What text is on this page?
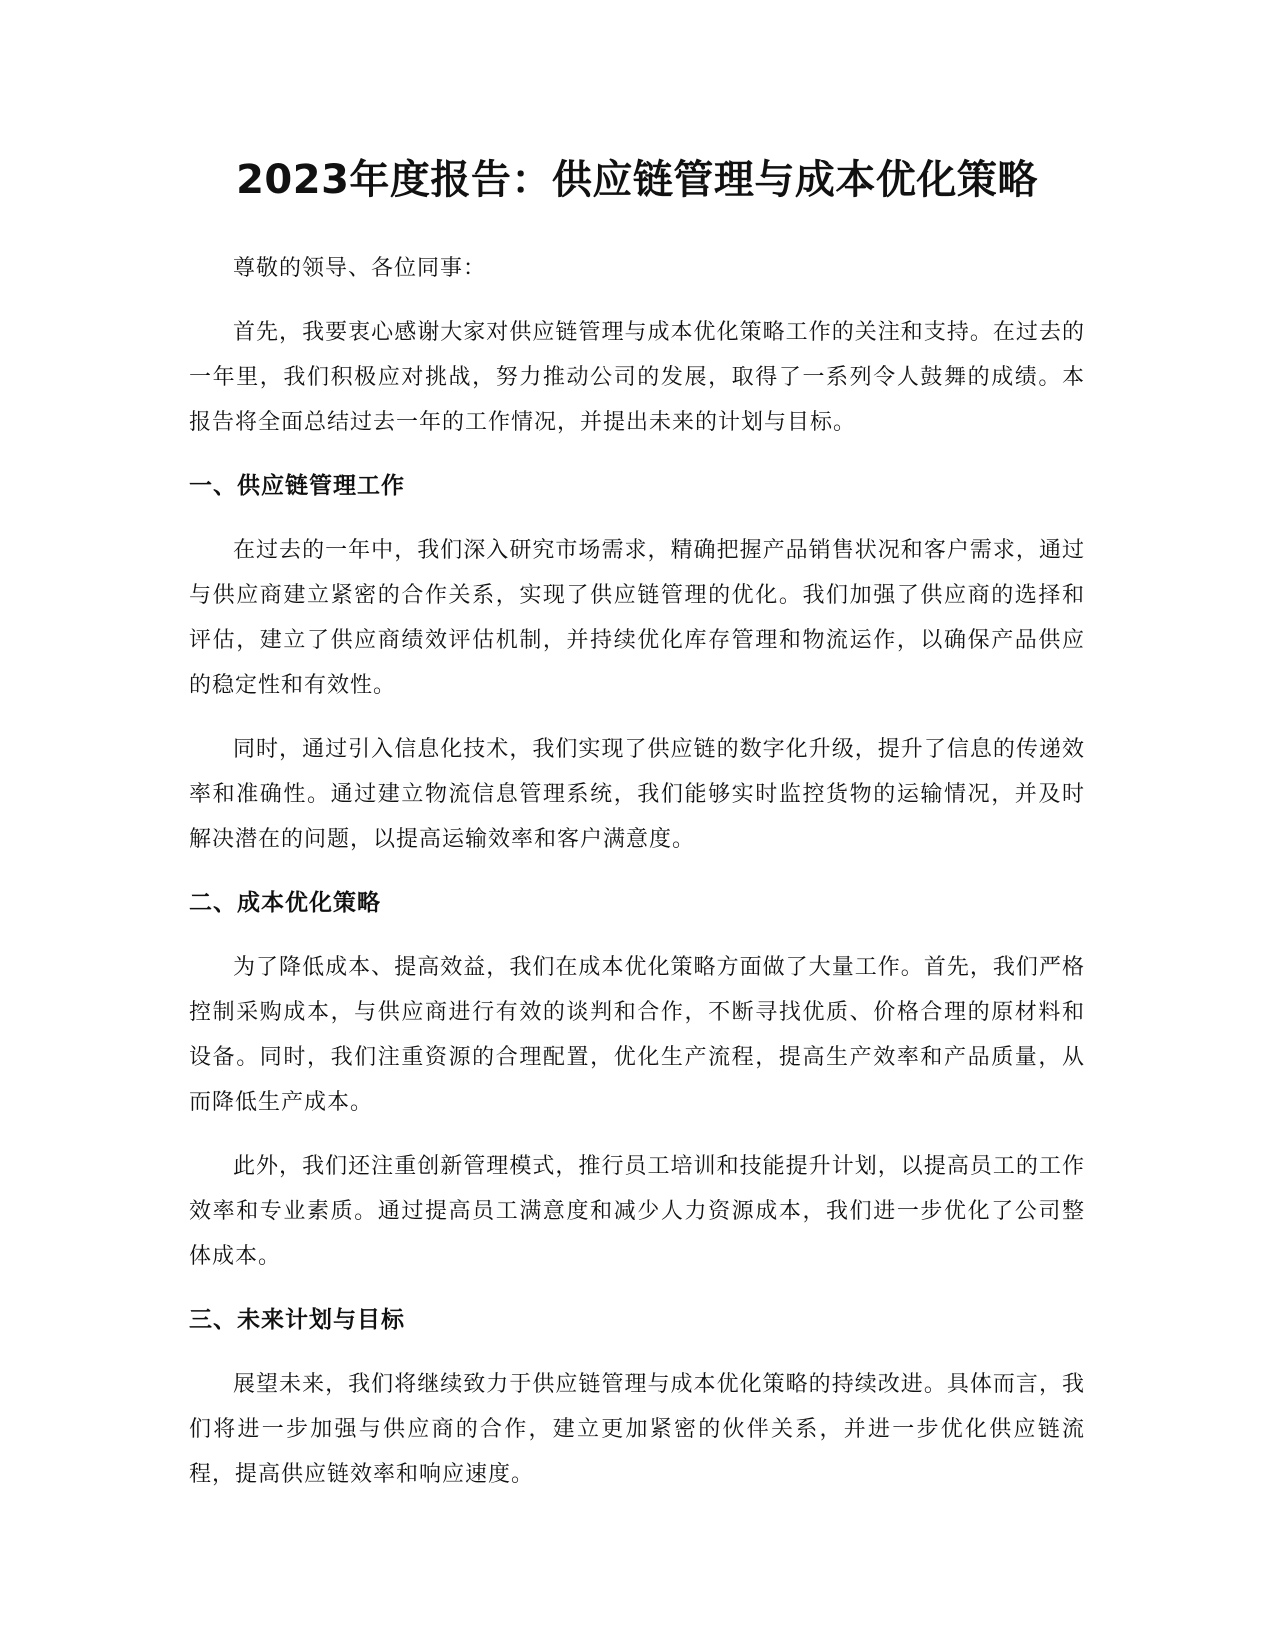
2023年度报告：供应链管理与成本优化策略

尊敬的领导、各位同事：

首先，我要衷心感谢大家对供应链管理与成本优化策略工作的关注和支持。在过去的一年里，我们积极应对挑战，努力推动公司的发展，取得了一系列令人鼓舞的成绩。本报告将全面总结过去一年的工作情况，并提出未来的计划与目标。

一、供应链管理工作

在过去的一年中，我们深入研究市场需求，精确把握产品销售状况和客户需求，通过与供应商建立紧密的合作关系，实现了供应链管理的优化。我们加强了供应商的选择和评估，建立了供应商绩效评估机制，并持续优化库存管理和物流运作，以确保产品供应的稳定性和有效性。

同时，通过引入信息化技术，我们实现了供应链的数字化升级，提升了信息的传递效率和准确性。通过建立物流信息管理系统，我们能够实时监控货物的运输情况，并及时解决潜在的问题，以提高运输效率和客户满意度。

二、成本优化策略

为了降低成本、提高效益，我们在成本优化策略方面做了大量工作。首先，我们严格控制采购成本，与供应商进行有效的谈判和合作，不断寻找优质、价格合理的原材料和设备。同时，我们注重资源的合理配置，优化生产流程，提高生产效率和产品质量，从而降低生产成本。

此外，我们还注重创新管理模式，推行员工培训和技能提升计划，以提高员工的工作效率和专业素质。通过提高员工满意度和减少人力资源成本，我们进一步优化了公司整体成本。

三、未来计划与目标

展望未来，我们将继续致力于供应链管理与成本优化策略的持续改进。具体而言，我们将进一步加强与供应商的合作，建立更加紧密的伙伴关系，并进一步优化供应链流程，提高供应链效率和响应速度。
